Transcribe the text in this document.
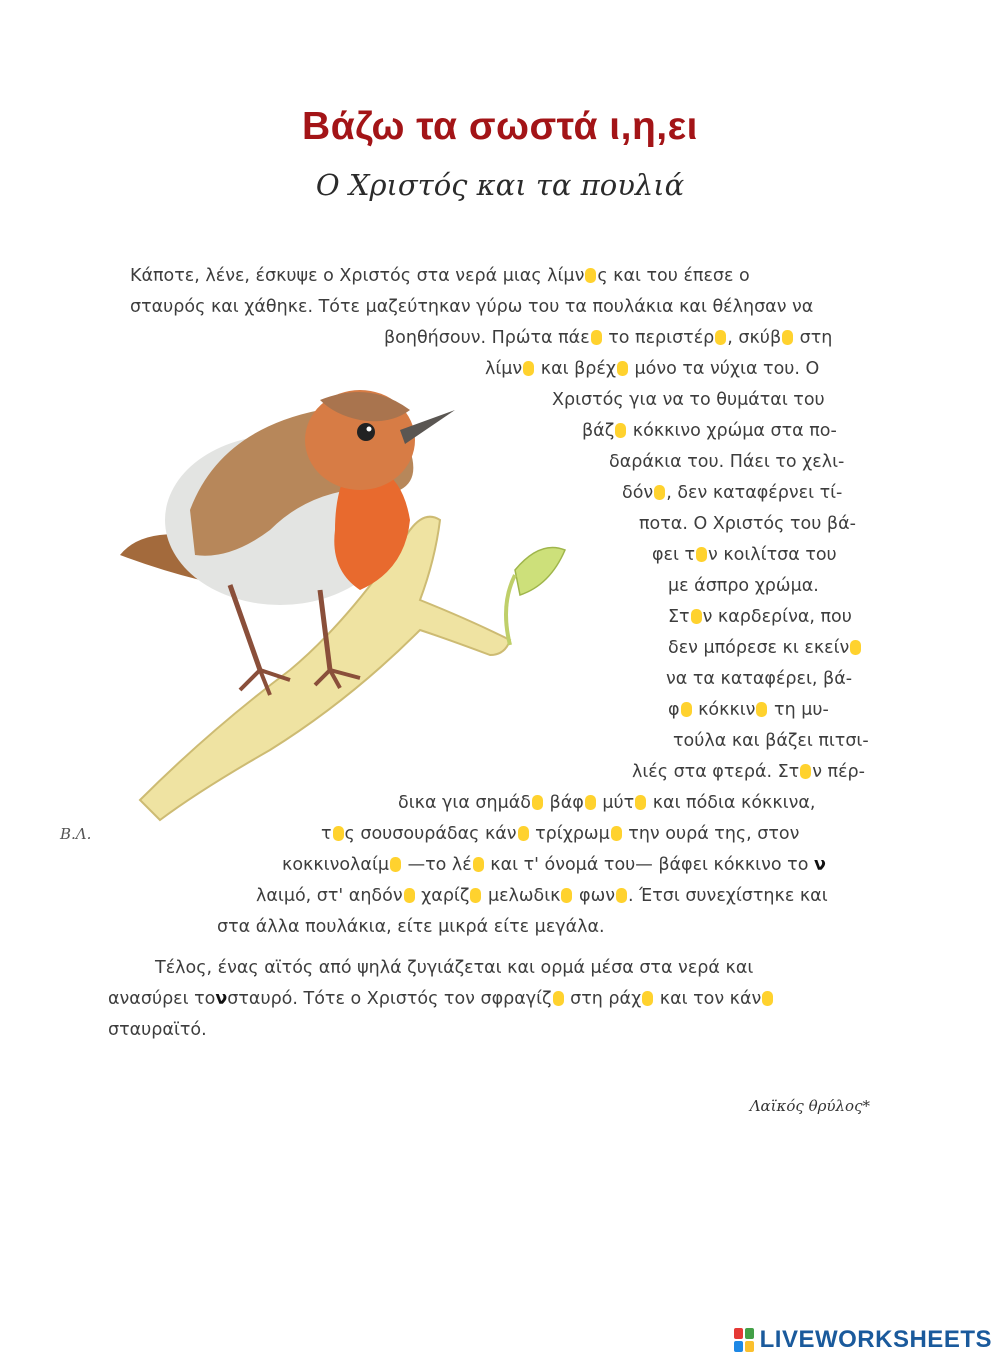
Βάζω τα σωστά ι,η,ει
Ο Χριστός και τα πουλιά
Β.Λ.
Κάποτε, λένε, έσκυψε ο Χριστός στα νερά μιας λίμν ς και του έπεσε ο
σταυρός και χάθηκε. Τότε μαζεύτηκαν γύρω του τα πουλάκια και θέλησαν να
βοηθήσουν. Πρώτα πάε το περιστέρ , σκύβ στη
λίμν και βρέχ μόνο τα νύχια του. Ο
Χριστός για να το θυμάται του
βάζ κόκκινο χρώμα στα πο-
δαράκια του. Πάει το χελι-
δόν , δεν καταφέρνει τί-
ποτα. Ο Χριστός του βά-
φει τ ν κοιλίτσα του
με άσπρο χρώμα.
Στ ν καρδερίνα, που
δεν μπόρεσε κι εκείν
να τα καταφέρει, βά-
φ κόκκιν τη μυ-
τούλα και βάζει πιτσι-
λιές στα φτερά. Στ ν πέρ-
δικα για σημάδ βάφ μύτ και πόδια κόκκινα,
τ ς σουσουράδας κάν τρίχρωμ την ουρά της, στον
κοκκινολαίμ —το λέ και τ' όνομά του— βάφει κόκκινο το ν
λαιμό, στ' αηδόν χαρίζ μελωδικ φων . Έτσι συνεχίστηκε και
στα άλλα πουλάκια, είτε μικρά είτε μεγάλα.
Τέλος, ένας αϊτός από ψηλά ζυγιάζεται και ορμά μέσα στα νερά και
ανασύρει τονσταυρό. Τότε ο Χριστός τον σφραγίζ στη ράχ και τον κάν
σταυραϊτό.
Λαϊκός θρύλος*
LIVEWORKSHEETS
